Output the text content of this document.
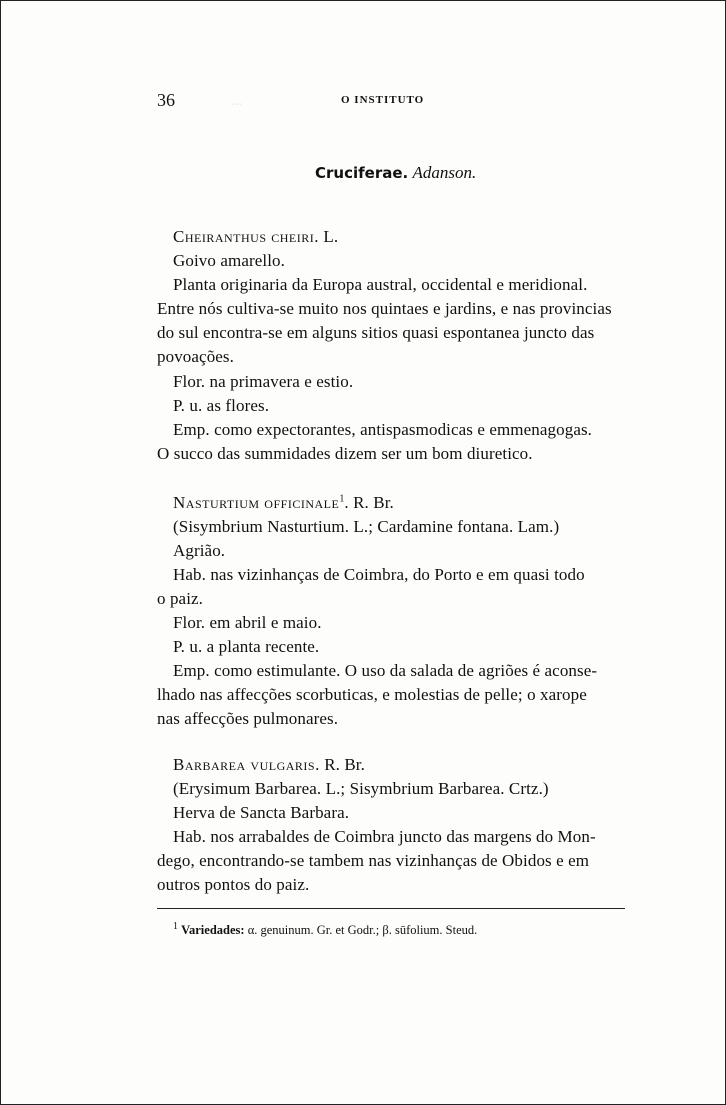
...
36	O INSTITUTO
Cruciferae. Adanson.
Cheiranthus cheiri. L.
Goivo amarello.
Planta originaria da Europa austral, occidental e meridional.
Entre nós cultiva-se muito nos quintaes e jardins, e nas provincias
do sul encontra-se em alguns sitios quasi espontanea juncto das
povoações.
Flor. na primavera e estio.
P. u. as flores.
Emp. como expectorantes, antispasmodicas e emmenagogas.
O succo das summidades dizem ser um bom diuretico.
Nasturtium officinale$^1$. R. Br.
(Sisymbrium Nasturtium. L.; Cardamine fontana. Lam.)
Agrião.
Hab. nas vizinhanças de Coimbra, do Porto e em quasi todo
o paiz.
Flor. em abril e maio.
P. u. a planta recente.
Emp. como estimulante. O uso da salada de agriões é aconse-
lhado nas affecções scorbuticas, e molestias de pelle; o xarope
nas affecções pulmonares.
Barbarea vulgaris. R. Br.
(Erysimum Barbarea. L.; Sisymbrium Barbarea. Crtz.)
Herva de Sancta Barbara.
Hab. nos arrabaldes de Coimbra juncto das margens do Mon-
dego, encontrando-se tambem nas vizinhanças de Obidos e em
outros pontos do paiz.
$^1$ Variedades: α. genuinum. Gr. et Godr.; β. sūfolium. Steud.
